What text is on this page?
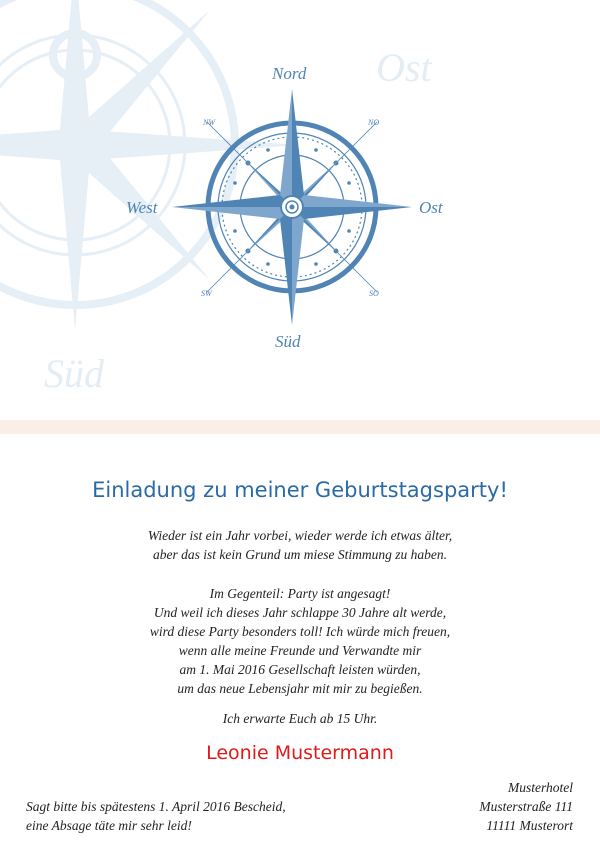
Ost
Süd
Nord
Süd
West	Ost
NW	NO
SW	SO
Einladung zu meiner Geburtstagsparty!

Wieder ist ein Jahr vorbei, wieder werde ich etwas älter,

aber das ist kein Grund um miese Stimmung zu haben.

Im Gegenteil: Party ist angesagt!

Und weil ich dieses Jahr schlappe 30 Jahre alt werde,

wird diese Party besonders toll! Ich würde mich freuen,

wenn alle meine Freunde und Verwandte mir

am 1. Mai 2016 Gesellschaft leisten würden,

um das neue Lebensjahr mit mir zu begießen.

Ich erwarte Euch ab 15 Uhr.

Leonie Mustermann

Sagt bitte bis spätestens 1. April 2016 Bescheid,

eine Absage täte mir sehr leid!

Musterhotel

Musterstraße 111

11111 Musterort
